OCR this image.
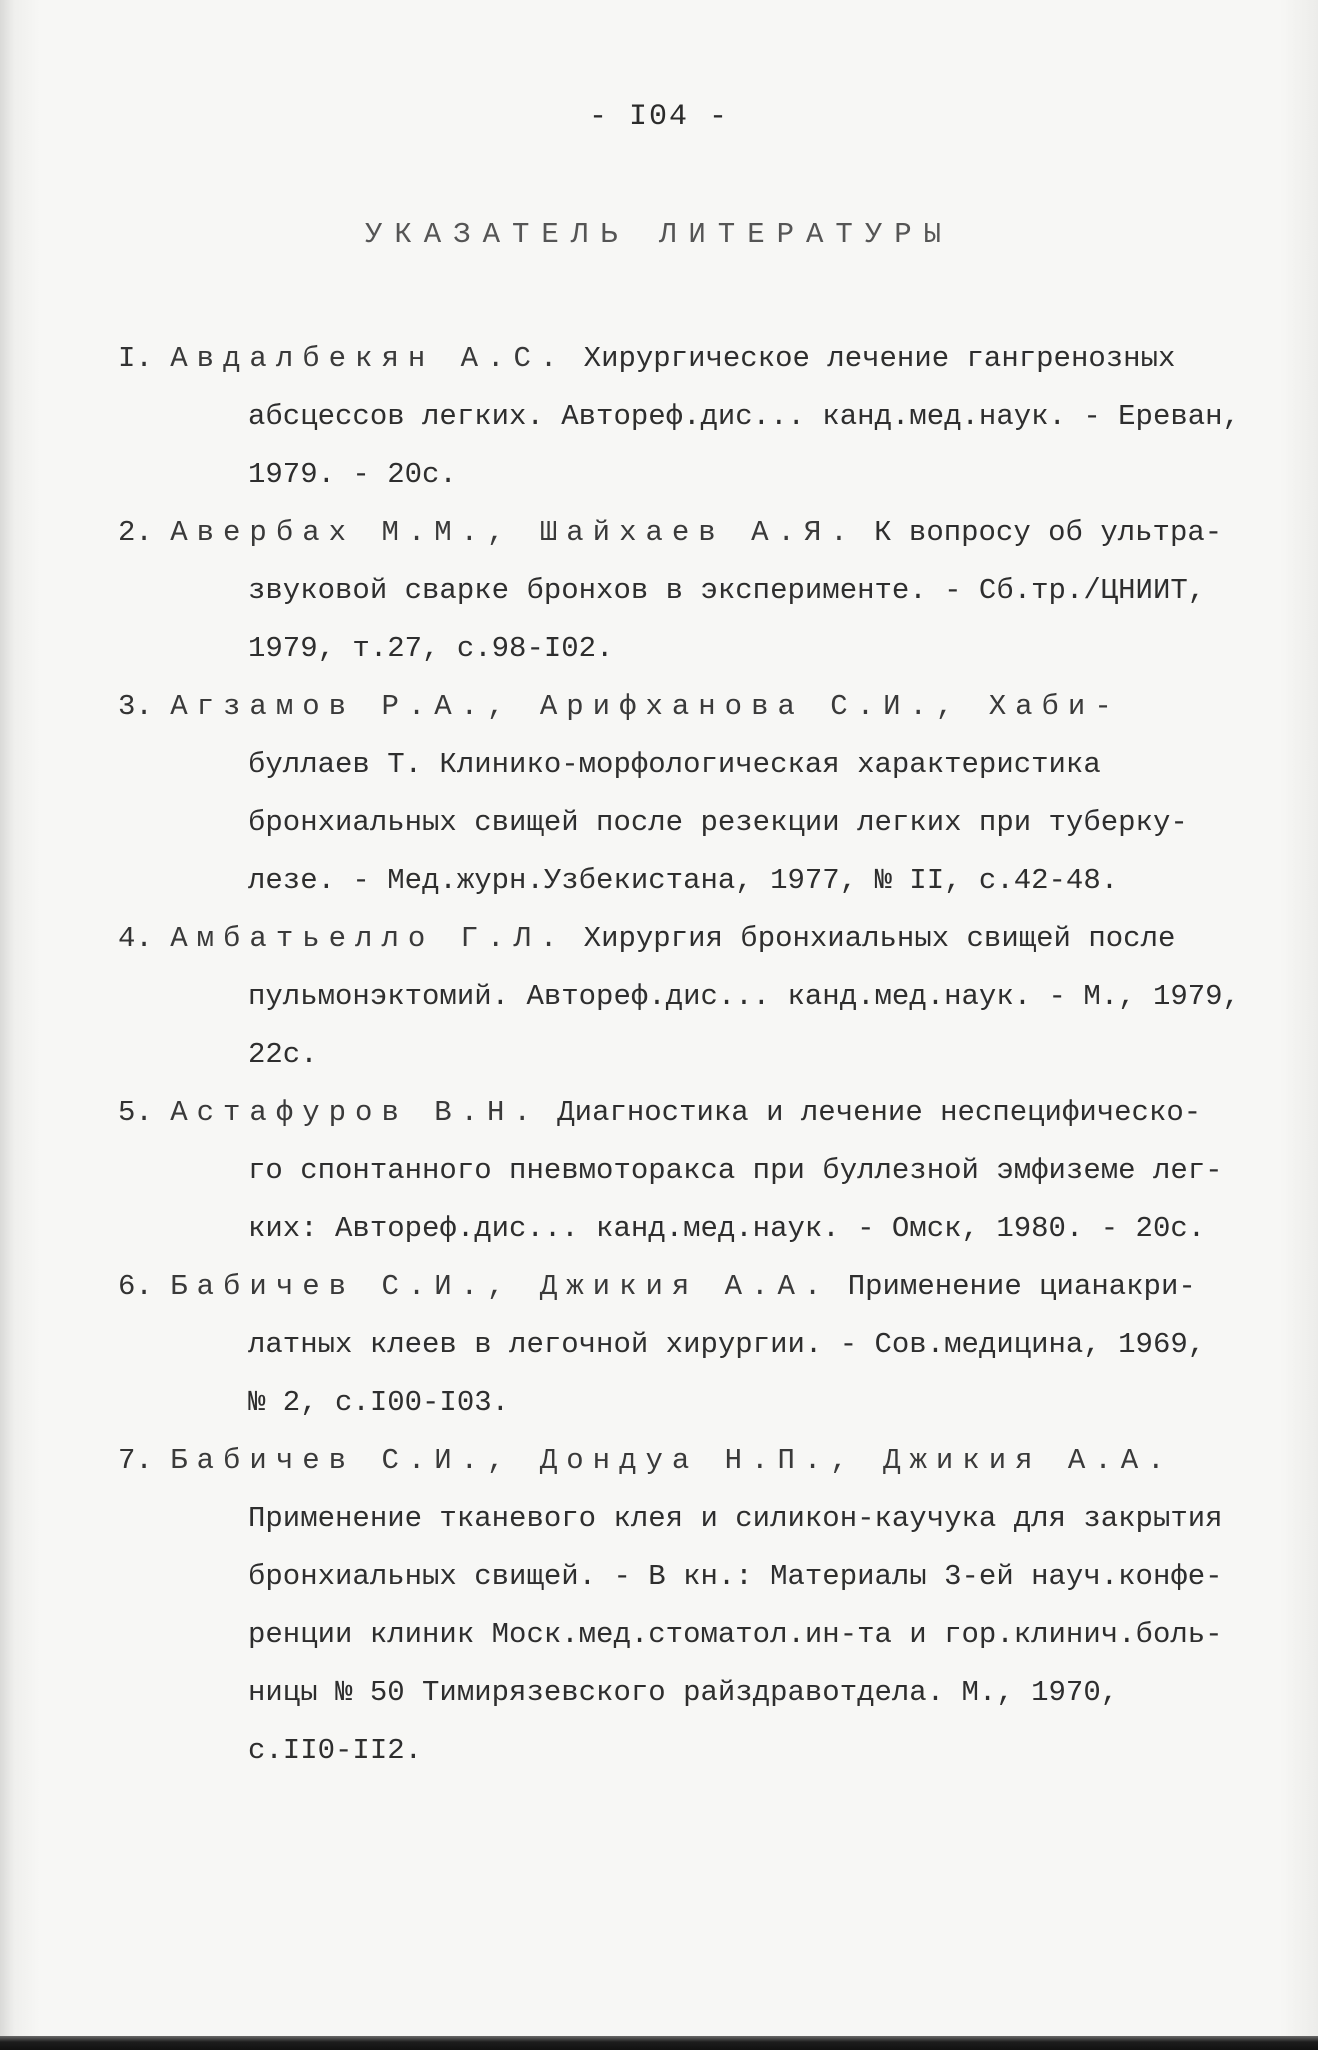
- I04 -
УКАЗАТЕЛЬ ЛИТЕРАТУРЫ
I. Авдалбекян А.С. Хирургическое лечение гангренозных
абсцессов легких. Автореф.дис... канд.мед.наук. - Ереван,
1979. - 20с.
2. Авербах М.М., Шайхаев А.Я. К вопросу об ультра-
звуковой сварке бронхов в эксперименте. - Сб.тр./ЦНИИТ,
1979, т.27, с.98-I02.
3. Агзамов Р.А., Арифханова С.И., Хаби-
буллаев Т. Клинико-морфологическая характеристика
бронхиальных свищей после резекции легких при туберку-
лезе. - Мед.журн.Узбекистана, 1977, № II, с.42-48.
4. Амбатьелло Г.Л. Хирургия бронхиальных свищей после
пульмонэктомий. Автореф.дис... канд.мед.наук. - М., 1979,
22с.
5. Астафуров В.Н. Диагностика и лечение неспецифическо-
го спонтанного пневмоторакса при буллезной эмфиземе лег-
ких: Автореф.дис... канд.мед.наук. - Омск, 1980. - 20с.
6. Бабичев С.И., Джикия А.А. Применение цианакри-
латных клеев в легочной хирургии. - Сов.медицина, 1969,
№ 2, с.I00-I03.
7. Бабичев С.И., Дондуа Н.П., Джикия А.А.
Применение тканевого клея и силикон-каучука для закрытия
бронхиальных свищей. - В кн.: Материалы 3-ей науч.конфе-
ренции клиник Моск.мед.стоматол.ин-та и гор.клинич.боль-
ницы № 50 Тимирязевского райздравотдела. М., 1970,
с.II0-II2.
